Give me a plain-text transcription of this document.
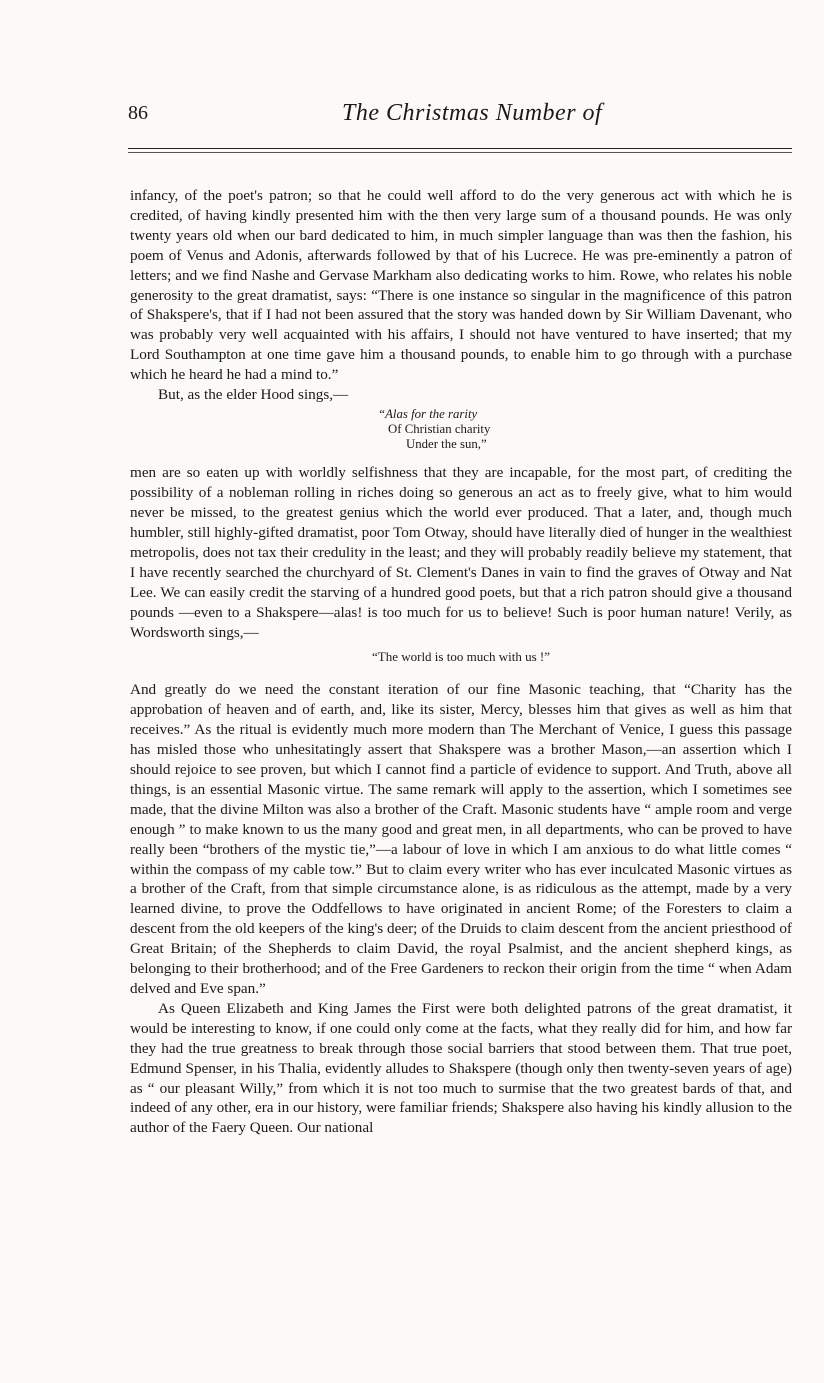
86	The Christmas Number of

infancy, of the poet's patron; so that he could well afford to do the very generous act with which he is credited, of having kindly presented him with the then very large sum of a thousand pounds. He was only twenty years old when our bard dedicated to him, in much simpler language than was then the fashion, his poem of Venus and Adonis, afterwards followed by that of his Lucrece. He was pre-eminently a patron of letters; and we find Nashe and Gervase Markham also dedicating works to him. Rowe, who relates his noble generosity to the great dramatist, says: “There is one instance so singular in the magnificence of this patron of Shakspere's, that if I had not been assured that the story was handed down by Sir William Davenant, who was probably very well acquainted with his affairs, I should not have ventured to have inserted; that my Lord Southampton at one time gave him a thousand pounds, to enable him to go through with a purchase which he heard he had a mind to.”

But, as the elder Hood sings,—

“Alas for the rarity
Of Christian charity
Under the sun,”

men are so eaten up with worldly selfishness that they are incapable, for the most part, of crediting the possibility of a nobleman rolling in riches doing so generous an act as to freely give, what to him would never be missed, to the greatest genius which the world ever produced. That a later, and, though much humbler, still highly-gifted dramatist, poor Tom Otway, should have literally died of hunger in the wealthiest metropolis, does not tax their credulity in the least; and they will probably readily believe my statement, that I have recently searched the churchyard of St. Clement's Danes in vain to find the graves of Otway and Nat Lee. We can easily credit the starving of a hundred good poets, but that a rich patron should give a thousand pounds —even to a Shakspere—alas! is too much for us to believe! Such is poor human nature! Verily, as Wordsworth sings,—

“The world is too much with us !”

And greatly do we need the constant iteration of our fine Masonic teaching, that “Charity has the approbation of heaven and of earth, and, like its sister, Mercy, blesses him that gives as well as him that receives.” As the ritual is evidently much more modern than The Merchant of Venice, I guess this passage has misled those who unhesitatingly assert that Shakspere was a brother Mason,—an assertion which I should rejoice to see proven, but which I cannot find a particle of evidence to support. And Truth, above all things, is an essential Masonic virtue. The same remark will apply to the assertion, which I sometimes see made, that the divine Milton was also a brother of the Craft. Masonic students have “ ample room and verge enough ” to make known to us the many good and great men, in all departments, who can be proved to have really been “brothers of the mystic tie,”—a labour of love in which I am anxious to do what little comes “ within the compass of my cable tow.” But to claim every writer who has ever inculcated Masonic virtues as a brother of the Craft, from that simple circumstance alone, is as ridiculous as the attempt, made by a very learned divine, to prove the Oddfellows to have originated in ancient Rome; of the Foresters to claim a descent from the old keepers of the king's deer; of the Druids to claim descent from the ancient priesthood of Great Britain; of the Shepherds to claim David, the royal Psalmist, and the ancient shepherd kings, as belonging to their brotherhood; and of the Free Gardeners to reckon their origin from the time “ when Adam delved and Eve span.”

As Queen Elizabeth and King James the First were both delighted patrons of the great dramatist, it would be interesting to know, if one could only come at the facts, what they really did for him, and how far they had the true greatness to break through those social barriers that stood between them. That true poet, Edmund Spenser, in his Thalia, evidently alludes to Shakspere (though only then twenty-seven years of age) as “ our pleasant Willy,” from which it is not too much to surmise that the two greatest bards of that, and indeed of any other, era in our history, were familiar friends; Shakspere also having his kindly allusion to the author of the Faery Queen. Our national
